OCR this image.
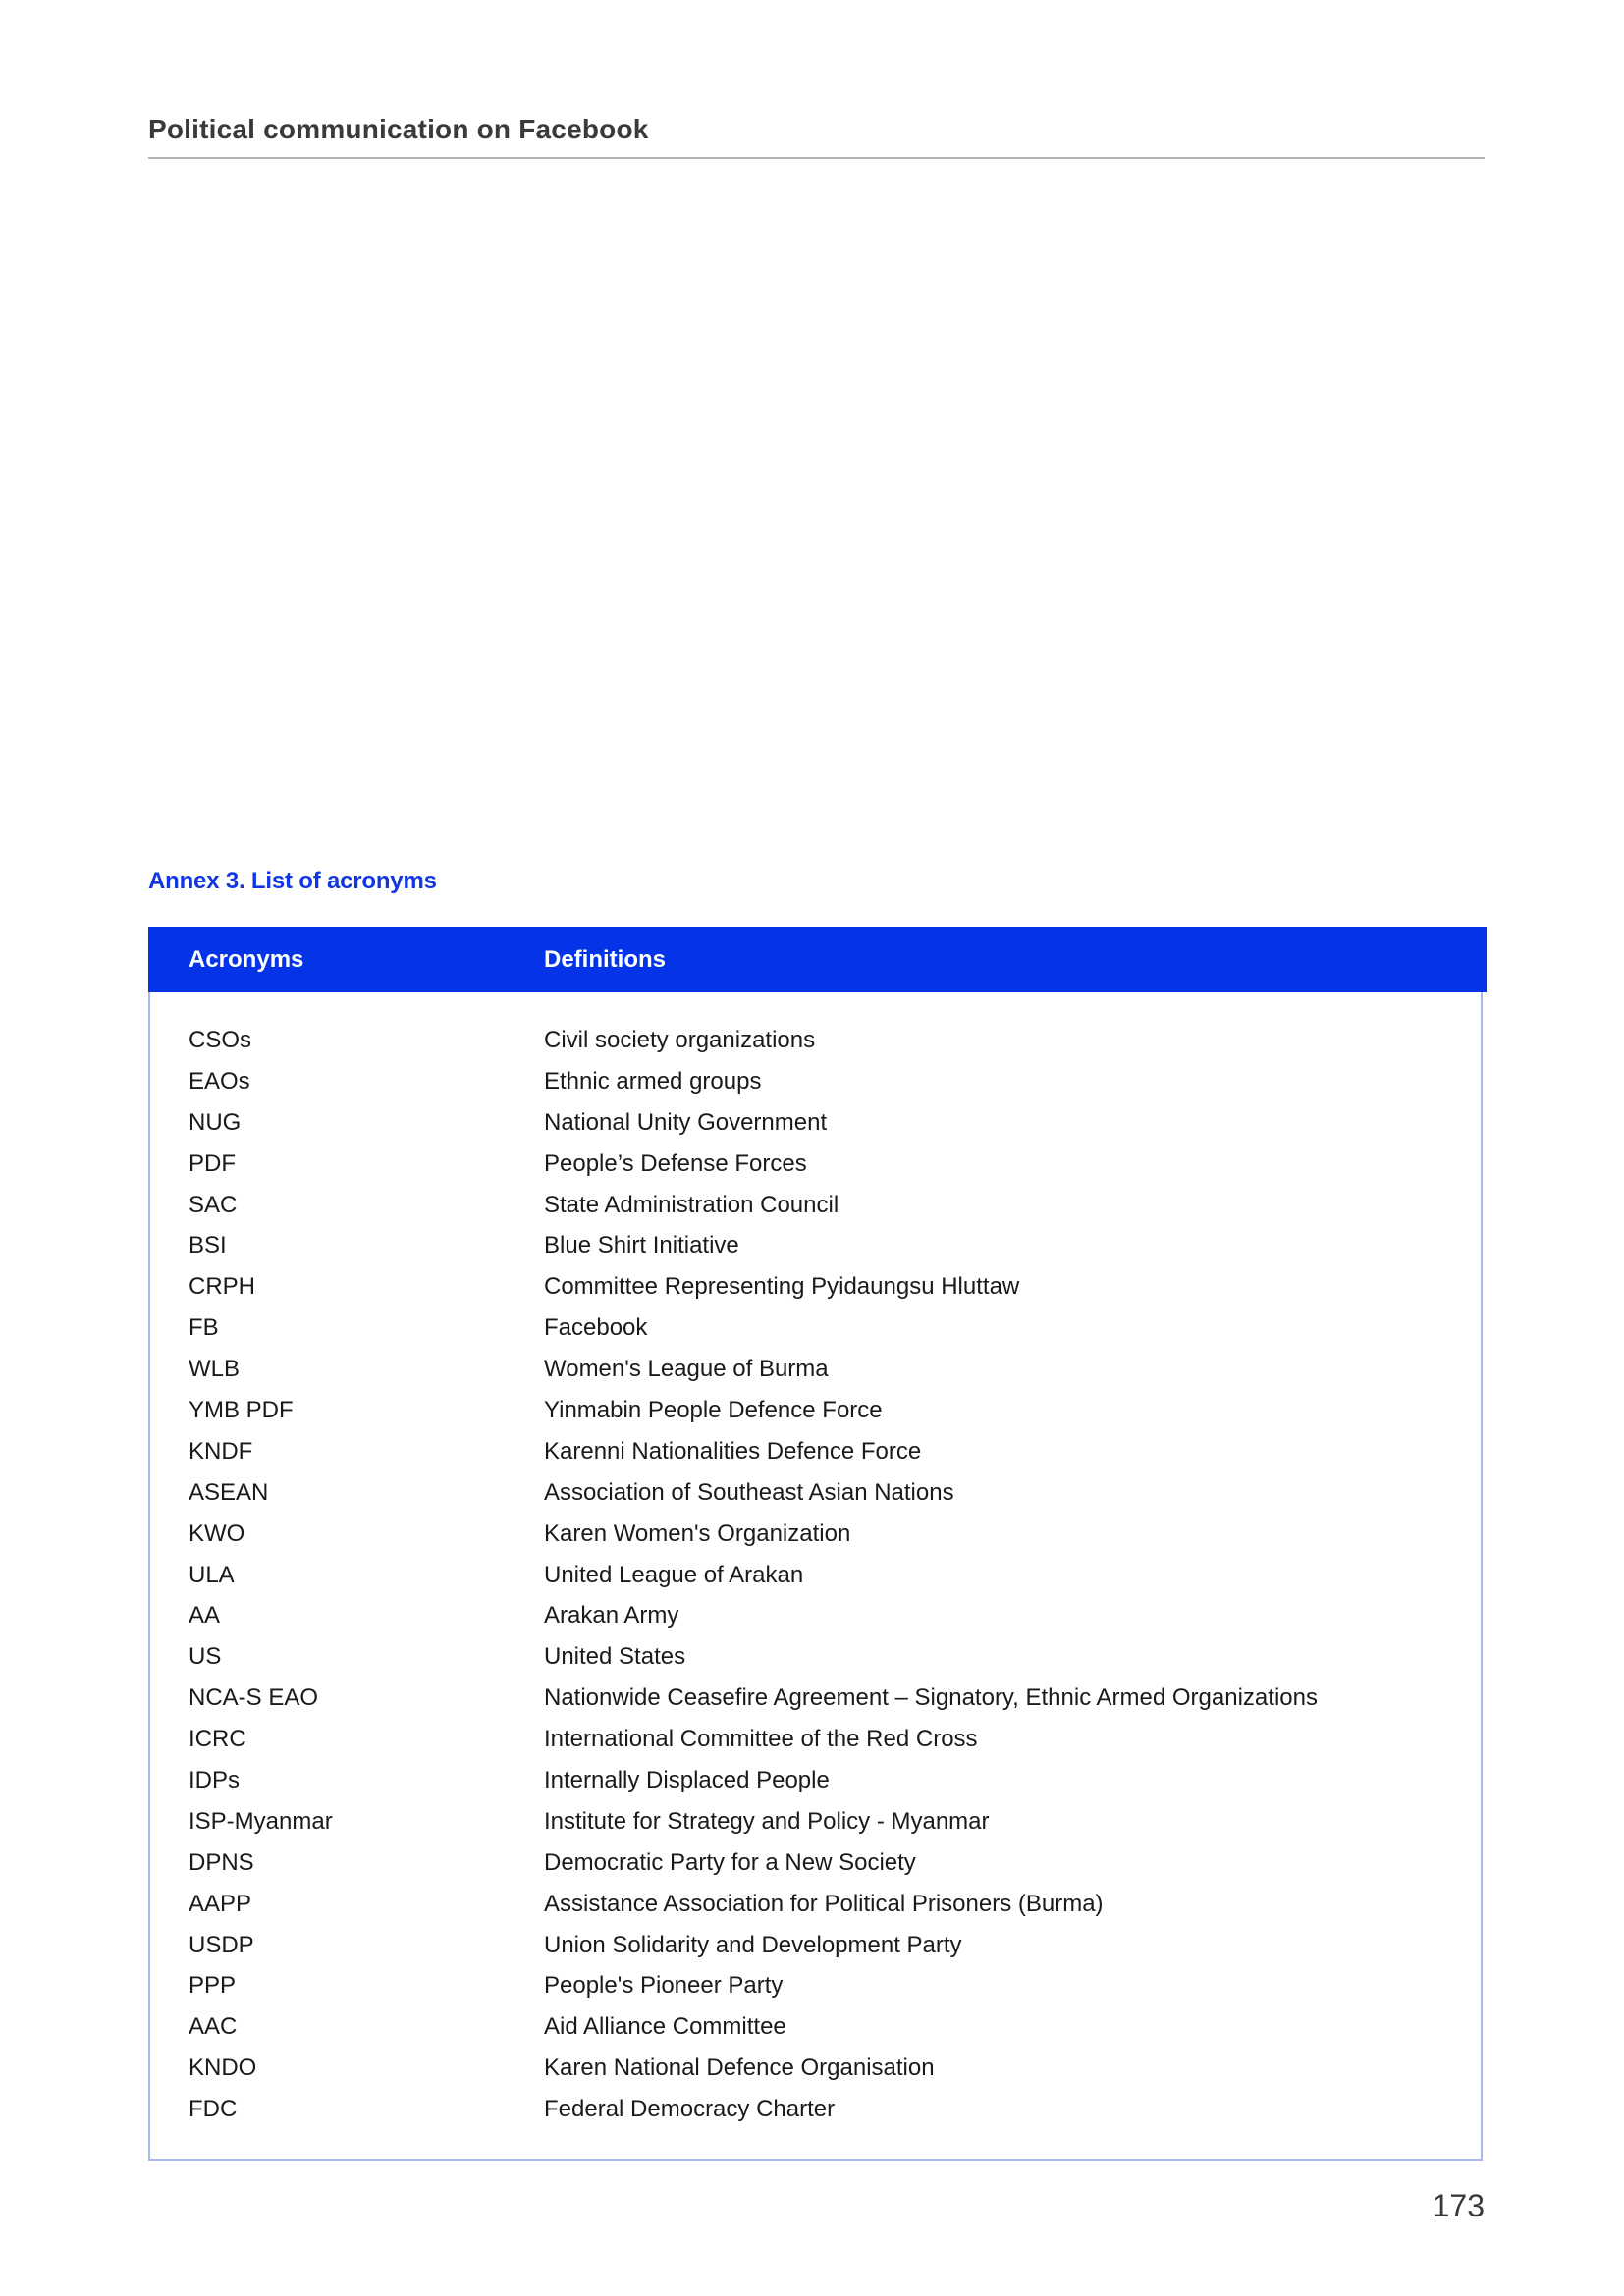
Political communication on Facebook
Annex 3. List of acronyms
Acronyms	Definitions
CSOs	Civil society organizations
EAOs	Ethnic armed groups
NUG	National Unity Government
PDF	People’s Defense Forces
SAC	State Administration Council
BSI	Blue Shirt Initiative
CRPH	Committee Representing Pyidaungsu Hluttaw
FB	Facebook
WLB	Women's League of Burma
YMB PDF	Yinmabin People Defence Force
KNDF	Karenni Nationalities Defence Force
ASEAN	Association of Southeast Asian Nations
KWO	Karen Women's Organization
ULA	United League of Arakan
AA	Arakan Army
US	United States
NCA-S EAO	Nationwide Ceasefire Agreement – Signatory, Ethnic Armed Organizations
ICRC	International Committee of the Red Cross
IDPs	Internally Displaced People
ISP-Myanmar	Institute for Strategy and Policy - Myanmar
DPNS	Democratic Party for a New Society
AAPP	Assistance Association for Political Prisoners (Burma)
USDP	Union Solidarity and Development Party
PPP	People's Pioneer Party
AAC	Aid Alliance Committee
KNDO	Karen National Defence Organisation
FDC	Federal Democracy Charter
173
